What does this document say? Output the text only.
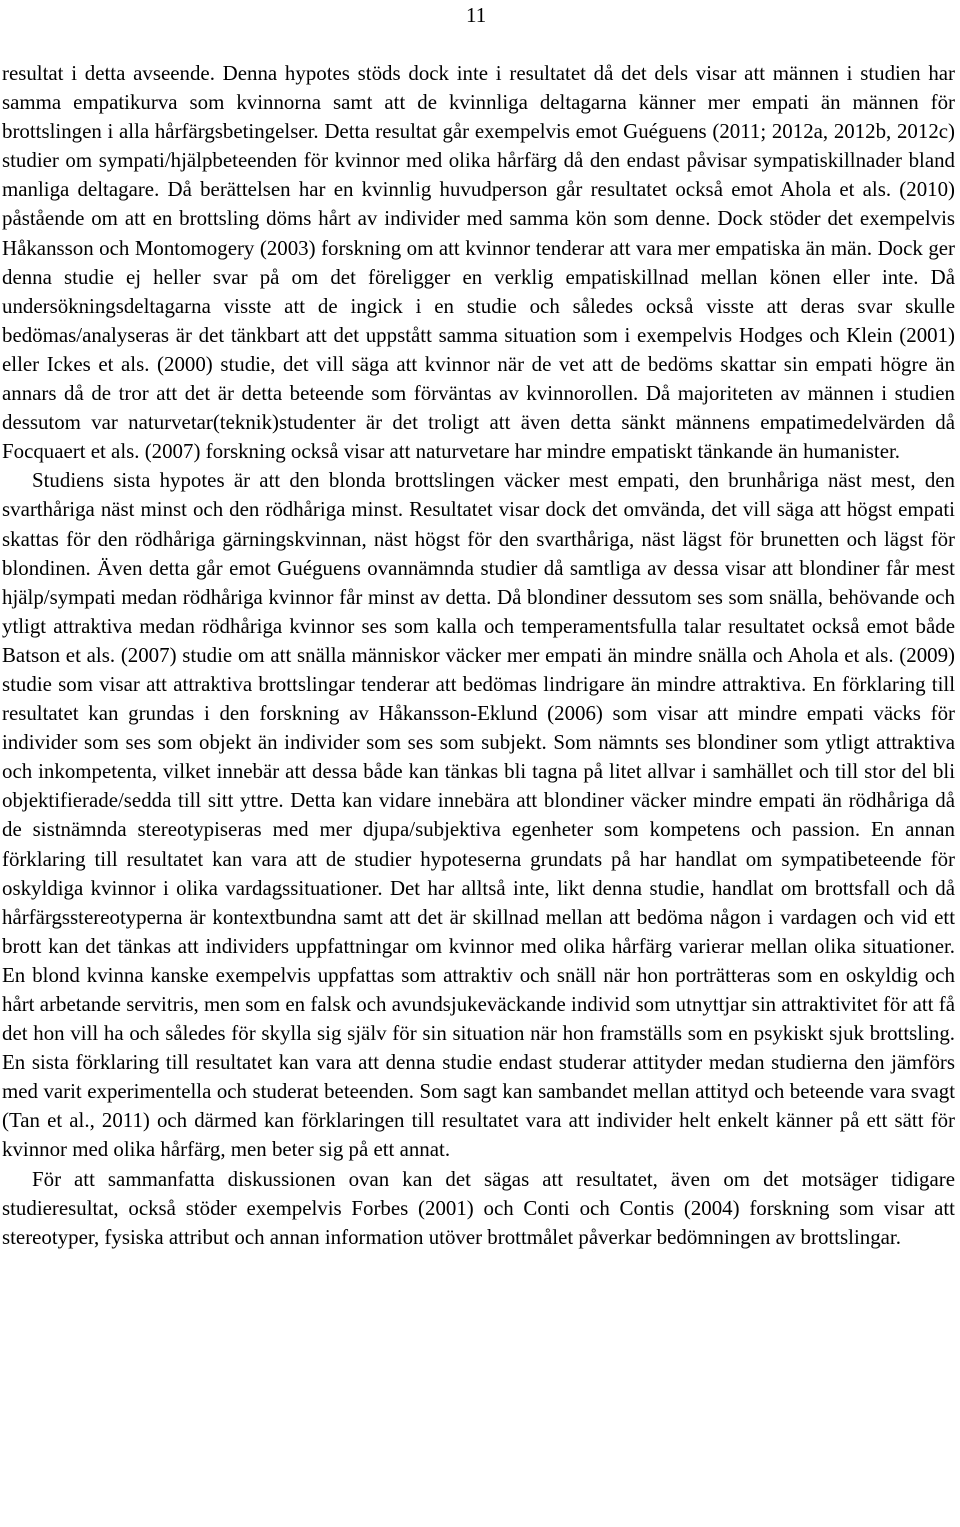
11

resultat i detta avseende. Denna hypotes stöds dock inte i resultatet då det dels visar att männen i studien har samma empatikurva som kvinnorna samt att de kvinnliga deltagarna känner mer empati än männen för brottslingen i alla hårfärgsbetingelser. Detta resultat går exempelvis emot Guéguens (2011; 2012a, 2012b, 2012c) studier om sympati/hjälpbeteenden för kvinnor med olika hårfärg då den endast påvisar sympatiskillnader bland manliga deltagare. Då berättelsen har en kvinnlig huvudperson går resultatet också emot Ahola et als. (2010) påstående om att en brottsling döms hårt av individer med samma kön som denne. Dock stöder det exempelvis Håkansson och Montomogery (2003) forskning om att kvinnor tenderar att vara mer empatiska än män. Dock ger denna studie ej heller svar på om det föreligger en verklig empatiskillnad mellan könen eller inte. Då undersökningsdeltagarna visste att de ingick i en studie och således också visste att deras svar skulle bedömas/analyseras är det tänkbart att det uppstått samma situation som i exempelvis Hodges och Klein (2001) eller Ickes et als. (2000) studie, det vill säga att kvinnor när de vet att de bedöms skattar sin empati högre än annars då de tror att det är detta beteende som förväntas av kvinnorollen. Då majoriteten av männen i studien dessutom var naturvetar(teknik)studenter är det troligt att även detta sänkt männens empatimedelvärden då Focquaert et als. (2007) forskning också visar att naturvetare har mindre empatiskt tänkande än humanister.

Studiens sista hypotes är att den blonda brottslingen väcker mest empati, den brunhåriga näst mest, den svarthåriga näst minst och den rödhåriga minst. Resultatet visar dock det omvända, det vill säga att högst empati skattas för den rödhåriga gärningskvinnan, näst högst för den svarthåriga, näst lägst för brunetten och lägst för blondinen. Även detta går emot Guéguens ovannämnda studier då samtliga av dessa visar att blondiner får mest hjälp/sympati medan rödhåriga kvinnor får minst av detta. Då blondiner dessutom ses som snälla, behövande och ytligt attraktiva medan rödhåriga kvinnor ses som kalla och temperamentsfulla talar resultatet också emot både Batson et als. (2007) studie om att snälla människor väcker mer empati än mindre snälla och Ahola et als. (2009) studie som visar att attraktiva brottslingar tenderar att bedömas lindrigare än mindre attraktiva. En förklaring till resultatet kan grundas i den forskning av Håkansson-Eklund (2006) som visar att mindre empati väcks för individer som ses som objekt än individer som ses som subjekt. Som nämnts ses blondiner som ytligt attraktiva och inkompetenta, vilket innebär att dessa både kan tänkas bli tagna på litet allvar i samhället och till stor del bli objektifierade/sedda till sitt yttre. Detta kan vidare innebära att blondiner väcker mindre empati än rödhåriga då de sistnämnda stereotypiseras med mer djupa/subjektiva egenheter som kompetens och passion. En annan förklaring till resultatet kan vara att de studier hypoteserna grundats på har handlat om sympatibeteende för oskyldiga kvinnor i olika vardagssituationer. Det har alltså inte, likt denna studie, handlat om brottsfall och då hårfärgsstereotyperna är kontextbundna samt att det är skillnad mellan att bedöma någon i vardagen och vid ett brott kan det tänkas att individers uppfattningar om kvinnor med olika hårfärg varierar mellan olika situationer. En blond kvinna kanske exempelvis uppfattas som attraktiv och snäll när hon porträtteras som en oskyldig och hårt arbetande servitris, men som en falsk och avundsjukeväckande individ som utnyttjar sin attraktivitet för att få det hon vill ha och således för skylla sig själv för sin situation när hon framställs som en psykiskt sjuk brottsling. En sista förklaring till resultatet kan vara att denna studie endast studerar attityder medan studierna den jämförs med varit experimentella och studerat beteenden. Som sagt kan sambandet mellan attityd och beteende vara svagt (Tan et al., 2011) och därmed kan förklaringen till resultatet vara att individer helt enkelt känner på ett sätt för kvinnor med olika hårfärg, men beter sig på ett annat.

För att sammanfatta diskussionen ovan kan det sägas att resultatet, även om det motsäger tidigare studieresultat, också stöder exempelvis Forbes (2001) och Conti och Contis (2004) forskning som visar att stereotyper, fysiska attribut och annan information utöver brottmålet påverkar bedömningen av brottslingar.
